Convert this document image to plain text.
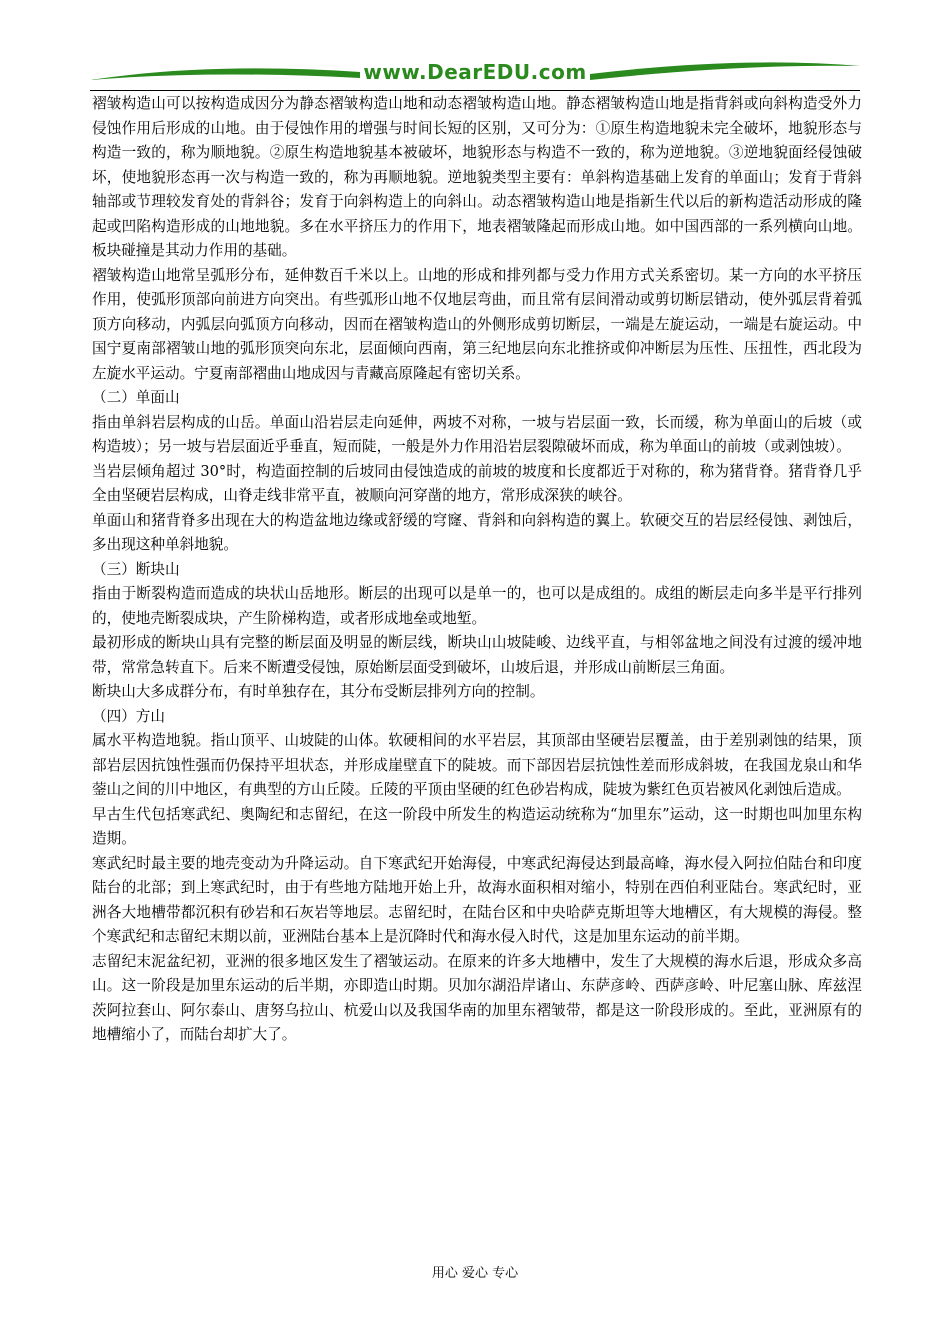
www.DearEDU.com

褶皱构造山可以按构造成因分为静态褶皱构造山地和动态褶皱构造山地。静态褶皱构造山地是指背斜或向斜构造受外力侵蚀作用后形成的山地。由于侵蚀作用的增强与时间长短的区别，又可分为：①原生构造地貌未完全破坏，地貌形态与构造一致的，称为顺地貌。②原生构造地貌基本被破坏，地貌形态与构造不一致的，称为逆地貌。③逆地貌面经侵蚀破坏，使地貌形态再一次与构造一致的，称为再顺地貌。逆地貌类型主要有：单斜构造基础上发育的单面山；发育于背斜轴部或节理较发育处的背斜谷；发育于向斜构造上的向斜山。动态褶皱构造山地是指新生代以后的新构造活动形成的隆起或凹陷构造形成的山地地貌。多在水平挤压力的作用下，地表褶皱隆起而形成山地。如中国西部的一系列横向山地。板块碰撞是其动力作用的基础。

褶皱构造山地常呈弧形分布，延伸数百千米以上。山地的形成和排列都与受力作用方式关系密切。某一方向的水平挤压作用，使弧形顶部向前进方向突出。有些弧形山地不仅地层弯曲，而且常有层间滑动或剪切断层错动，使外弧层背着弧顶方向移动，内弧层向弧顶方向移动，因而在褶皱构造山的外侧形成剪切断层，一端是左旋运动，一端是右旋运动。中国宁夏南部褶皱山地的弧形顶突向东北，层面倾向西南，第三纪地层向东北推挤或仰冲断层为压性、压扭性，西北段为左旋水平运动。宁夏南部褶曲山地成因与青藏高原隆起有密切关系。

（二）单面山

指由单斜岩层构成的山岳。单面山沿岩层走向延伸，两坡不对称，一坡与岩层面一致，长而缓，称为单面山的后坡（或构造坡）；另一坡与岩层面近乎垂直，短而陡，一般是外力作用沿岩层裂隙破坏而成，称为单面山的前坡（或剥蚀坡）。

当岩层倾角超过 30°时，构造面控制的后坡同由侵蚀造成的前坡的坡度和长度都近于对称的，称为猪背脊。猪背脊几乎全由坚硬岩层构成，山脊走线非常平直，被顺向河穿凿的地方，常形成深狭的峡谷。

单面山和猪背脊多出现在大的构造盆地边缘或舒缓的穹窿、背斜和向斜构造的翼上。软硬交互的岩层经侵蚀、剥蚀后，多出现这种单斜地貌。

（三）断块山

指由于断裂构造而造成的块状山岳地形。断层的出现可以是单一的，也可以是成组的。成组的断层走向多半是平行排列的，使地壳断裂成块，产生阶梯构造，或者形成地垒或地堑。

最初形成的断块山具有完整的断层面及明显的断层线，断块山山坡陡峻、边线平直，与相邻盆地之间没有过渡的缓冲地带，常常急转直下。后来不断遭受侵蚀，原始断层面受到破坏，山坡后退，并形成山前断层三角面。

断块山大多成群分布，有时单独存在，其分布受断层排列方向的控制。

（四）方山

属水平构造地貌。指山顶平、山坡陡的山体。软硬相间的水平岩层，其顶部由坚硬岩层覆盖，由于差别剥蚀的结果，顶部岩层因抗蚀性强而仍保持平坦状态，并形成崖壁直下的陡坡。而下部因岩层抗蚀性差而形成斜坡，在我国龙泉山和华蓥山之间的川中地区，有典型的方山丘陵。丘陵的平顶由坚硬的红色砂岩构成，陡坡为紫红色页岩被风化剥蚀后造成。

早古生代包括寒武纪、奥陶纪和志留纪，在这一阶段中所发生的构造运动统称为“加里东”运动，这一时期也叫加里东构造期。

寒武纪时最主要的地壳变动为升降运动。自下寒武纪开始海侵，中寒武纪海侵达到最高峰，海水侵入阿拉伯陆台和印度陆台的北部；到上寒武纪时，由于有些地方陆地开始上升，故海水面积相对缩小，特别在西伯利亚陆台。寒武纪时，亚洲各大地槽带都沉积有砂岩和石灰岩等地层。志留纪时，在陆台区和中央哈萨克斯坦等大地槽区，有大规模的海侵。整个寒武纪和志留纪末期以前，亚洲陆台基本上是沉降时代和海水侵入时代，这是加里东运动的前半期。

志留纪末泥盆纪初，亚洲的很多地区发生了褶皱运动。在原来的许多大地槽中，发生了大规模的海水后退，形成众多高山。这一阶段是加里东运动的后半期，亦即造山时期。贝加尔湖沿岸诸山、东萨彦岭、西萨彦岭、叶尼塞山脉、库兹涅茨阿拉套山、阿尔泰山、唐努乌拉山、杭爱山以及我国华南的加里东褶皱带，都是这一阶段形成的。至此，亚洲原有的地槽缩小了，而陆台却扩大了。

用心 爱心 专心
